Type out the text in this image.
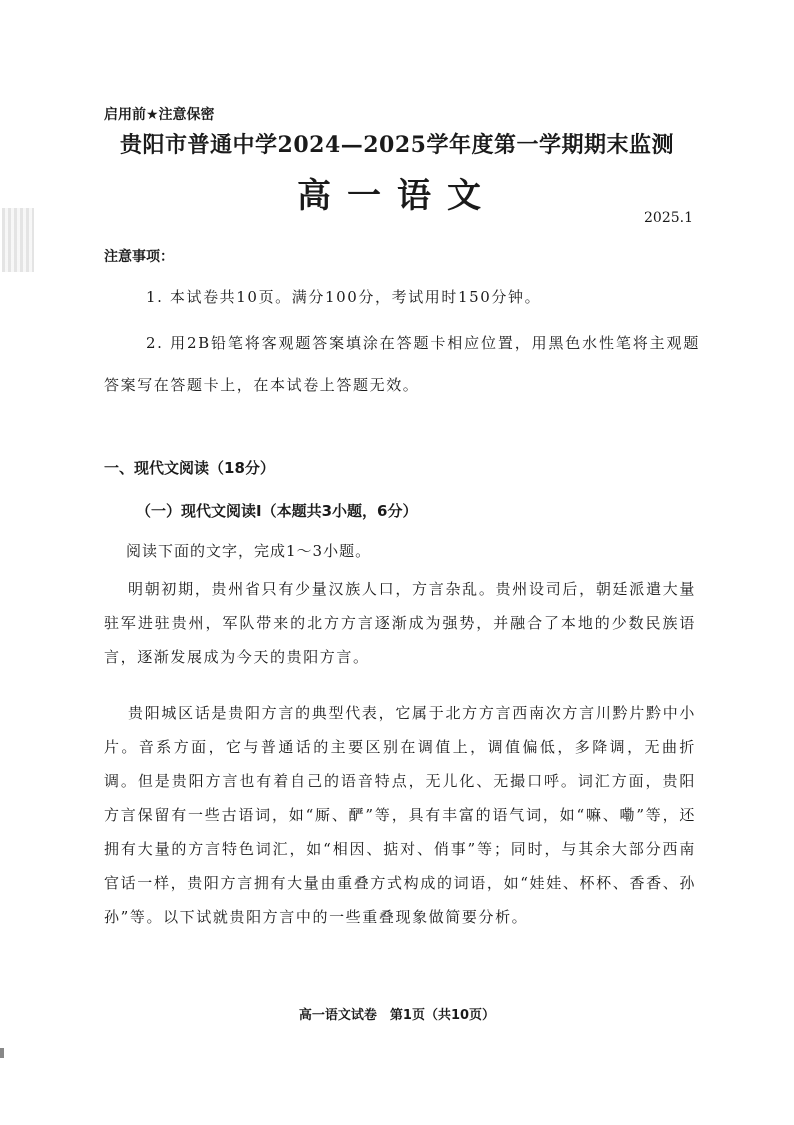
启用前★注意保密
贵阳市普通中学2024—2025学年度第一学期期末监测
高一语文
2025.1
注意事项：
1. 本试卷共10页。满分100分，考试用时150分钟。
2. 用2B铅笔将客观题答案填涂在答题卡相应位置，用黑色水性笔将主观题答案写在答题卡上，在本试卷上答题无效。
一、现代文阅读（18分）
（一）现代文阅读Ⅰ（本题共3小题，6分）
阅读下面的文字，完成1～3小题。
明朝初期，贵州省只有少量汉族人口，方言杂乱。贵州设司后，朝廷派遣大量驻军进驻贵州，军队带来的北方方言逐渐成为强势，并融合了本地的少数民族语言，逐渐发展成为今天的贵阳方言。
贵阳城区话是贵阳方言的典型代表，它属于北方方言西南次方言川黔片黔中小片。音系方面，它与普通话的主要区别在调值上，调值偏低，多降调，无曲折调。但是贵阳方言也有着自己的语音特点，无儿化、无撮口呼。词汇方面，贵阳方言保留有一些古语词，如“厮、酽”等，具有丰富的语气词，如“嘛、嘞”等，还拥有大量的方言特色词汇，如“相因、掂对、俏事”等；同时，与其余大部分西南官话一样，贵阳方言拥有大量由重叠方式构成的词语，如“娃娃、杯杯、香香、孙孙”等。以下试就贵阳方言中的一些重叠现象做简要分析。
高一语文试卷　第1页（共10页）
